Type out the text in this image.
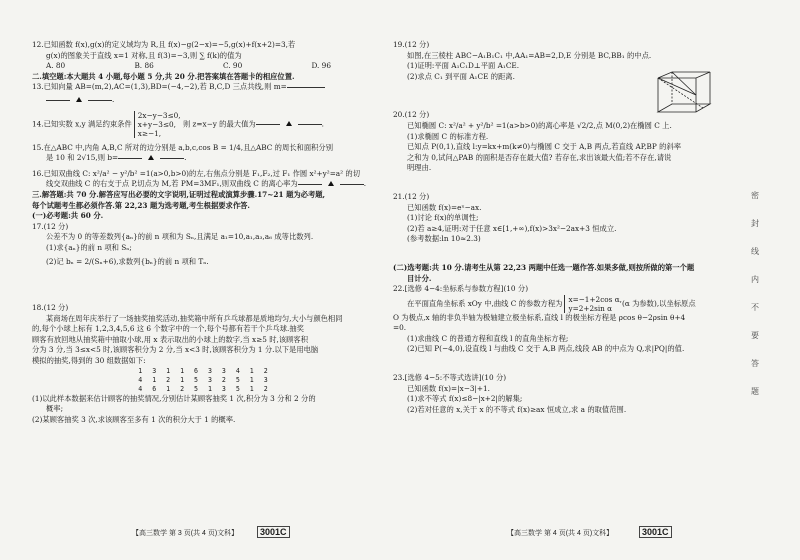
12.已知函数 f(x),g(x)的定义域均为 R,且 f(x)−g(2−x)=−5,g(x)+f(x+2)=3,若

g(x)的图象关于直线 x=1 对称,且 f(3)=−3,则 ∑ f(k)的值为

A. 80	B. 86	C. 90	D. 96

二.填空题:本大题共 4 小题,每小题 5 分,共 20 分.把答案填在答题卡的相应位置.

13.已知向量 AB=(m,2),AC=(1,3),BD=(−4,−2),若 B,C,D 三点共线,则 m=

.

14.已知实数 x,y 满足约束条件
2x−y−3≤0,
x+y−3≤0,
x≥−1,
则 z=x−y 的最大值为	.

15.在△ABC 中,内角 A,B,C 所对的边分别是 a,b,c,cos B = 1/4,且△ABC 的周长和面积分别

是 10 和 2√15,则 b=	.

16.已知双曲线 C: x²/a² − y²/b² =1(a>0,b>0)的左,右焦点分别是 F₁,F₂,过 F₁ 作圆 x²+y²=a² 的切

线交双曲线 C 的右支于点 P,切点为 M,若 PM=3MF₁,则双曲线 C 的离心率为	.

三.解答题:共 70 分.解答应写出必要的文字说明,证明过程或演算步骤.17~21 题为必考题,

每个试题考生都必须作答.第 22,23 题为选考题,考生根据要求作答.

(一)必考题:共 60 分.

17.(12 分)

公差不为 0 的等差数列{aₙ}的前 n 项和为 Sₙ,且满足 a₁=10,a₁,a₃,a₆ 成等比数列.

(1)求{aₙ}的前 n 项和 Sₙ;

(2)记 bₙ = 2/(Sₙ+6),求数列{bₙ}的前 n 项和 Tₙ.

18.(12 分)

某商场在周年庆举行了一场抽奖抽奖活动,抽奖箱中所有乒乓球都是质地均匀,大小与颜色相同

的,每个小球上标有 1,2,3,4,5,6 这 6 个数字中的一个,每个号都有若干个乒乓球.抽奖

顾客有放回地从抽奖箱中抽取小球,用 x 表示取出的小球上的数字,当 x≥5 时,该顾客积

分为 3 分,当 3≤x<5 时,该顾客积分为 2 分,当 x<3 时,该顾客积分为 1 分.以下是用电脑

模拟的抽奖,得到的 30 组数据如下:

1 3 1 1 6 3 3 4 1 2
4 1 2 1 5 3 2 5 1 3
4 6 1 2 5 1 3 5 1 2

(1)以此样本数据来估计顾客的抽奖情况,分别估计某顾客抽奖 1 次,积分为 3 分和 2 分的

概率;

(2)某顾客抽奖 3 次,求该顾客至多有 1 次的积分大于 1 的概率.

【高三数学 第 3 页(共 4 页)文科】	3001C

19.(12 分)

如图,在三棱柱 ABC−A₁B₁C₁ 中,AA₁=AB=2,D,E 分别是 BC,BB₁ 的中点.

(1)证明:平面 A₁C₁D⊥平面 A₁CE.

(2)求点 C₁ 到平面 A₁CE 的距离.

20.(12 分)

已知椭圆 C: x²/a² + y²/b² =1(a>b>0)的离心率是 √2/2,点 M(0,2)在椭圆 C 上.

(1)求椭圆 C 的标准方程.

已知点 P(0,1),直线 l:y=kx+m(k≠0)与椭圆 C 交于 A,B 两点,若直线 AP,BP 的斜率

之和为 0,试问△PAB 的面积是否存在最大值? 若存在,求出该最大值;若不存在,请说

明理由.

21.(12 分)

已知函数 f(x)=eˣ−ax.

(1)讨论 f(x)的单调性;

(2)若 a≥4,证明:对于任意 x∈[1,+∞),f(x)>3x²−2ax+3 恒成立.

(参考数据:ln 10≈2.3)

(二)选考题:共 10 分.请考生从第 22,23 两题中任选一题作答.如果多做,则按所做的第一个题

目计分.

22.[选修 4−4:坐标系与参数方程](10 分)

在平面直角坐标系 xOy 中,曲线 C 的参数方程为 x=−1+2cos α,
y=2+2sin α
(α 为参数),以坐标原点

O 为极点,x 轴的非负半轴为极轴建立极坐标系,直线 l 的极坐标方程是 ρcos θ−2ρsin θ+4

=0.

(1)求曲线 C 的普通方程和直线 l 的直角坐标方程;

(2)已知 P(−4,0),设直线 l 与曲线 C 交于 A,B 两点,线段 AB 的中点为 Q,求|PQ|的值.

23.[选修 4−5:不等式选讲](10 分)

已知函数 f(x)=|x−3|+1.

(1)求不等式 f(x)≤8−|x+2|的解集;

(2)若对任意的 x,关于 x 的不等式 f(x)≥ax 恒成立,求 a 的取值范围.

【高三数学 第 4 页(共 4 页)文科】	3001C
密
封
线
内
不
要
答
题
